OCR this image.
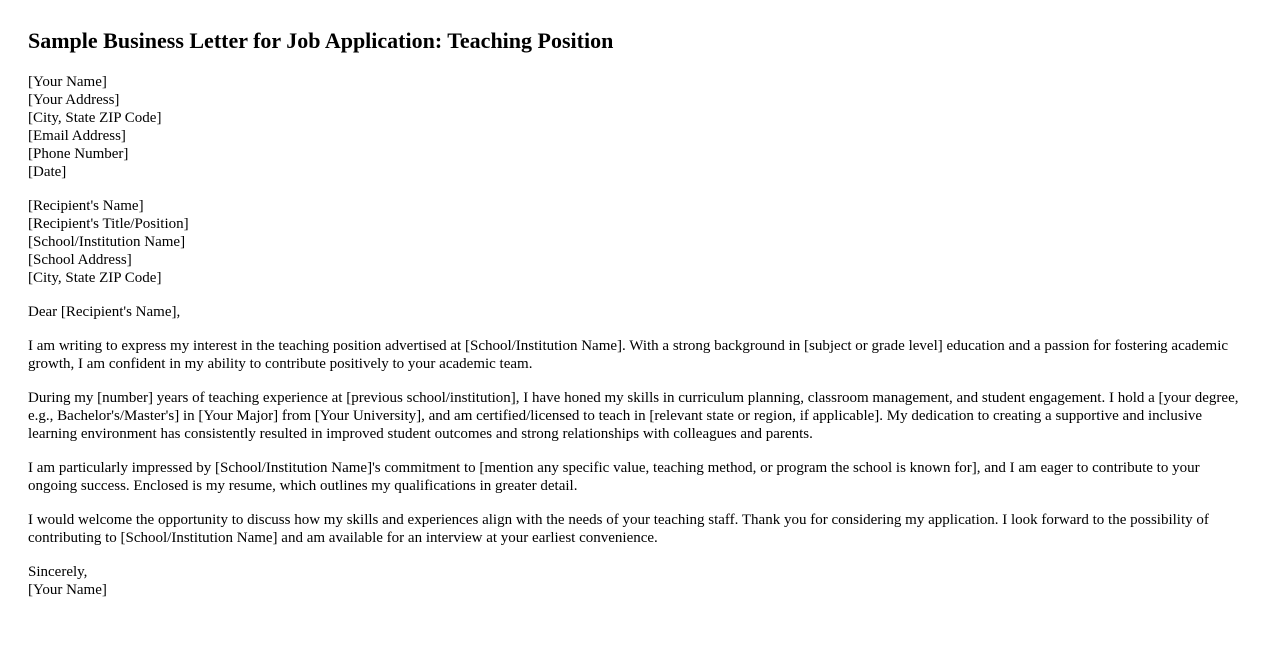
Sample Business Letter for Job Application: Teaching Position
[Your Name]
[Your Address]
[City, State ZIP Code]
[Email Address]
[Phone Number]
[Date]
[Recipient's Name]
[Recipient's Title/Position]
[School/Institution Name]
[School Address]
[City, State ZIP Code]

Dear [Recipient's Name],

I am writing to express my interest in the teaching position advertised at [School/Institution Name]. With a strong background in [subject or grade level] education and a passion for fostering academic growth, I am confident in my ability to contribute positively to your academic team.

During my [number] years of teaching experience at [previous school/institution], I have honed my skills in curriculum planning, classroom management, and student engagement. I hold a [your degree, e.g., Bachelor's/Master's] in [Your Major] from [Your University], and am certified/licensed to teach in [relevant state or region, if applicable]. My dedication to creating a supportive and inclusive learning environment has consistently resulted in improved student outcomes and strong relationships with colleagues and parents.

I am particularly impressed by [School/Institution Name]'s commitment to [mention any specific value, teaching method, or program the school is known for], and I am eager to contribute to your ongoing success. Enclosed is my resume, which outlines my qualifications in greater detail.

I would welcome the opportunity to discuss how my skills and experiences align with the needs of your teaching staff. Thank you for considering my application. I look forward to the possibility of contributing to [School/Institution Name] and am available for an interview at your earliest convenience.

Sincerely,
[Your Name]
